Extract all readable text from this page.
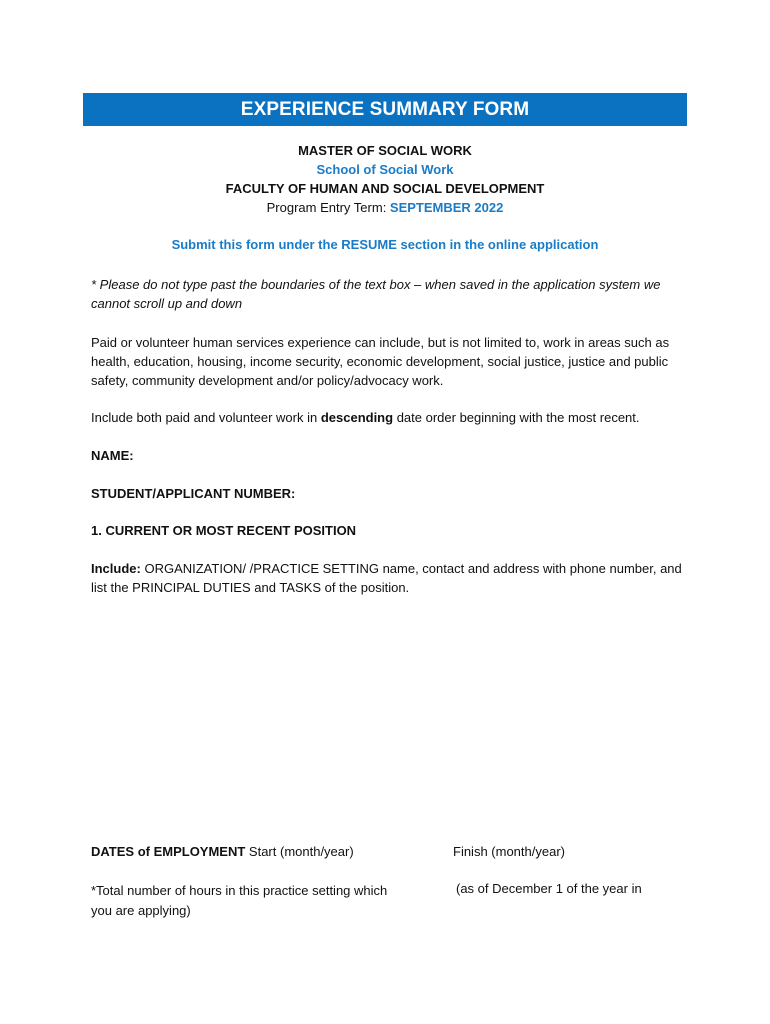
EXPERIENCE SUMMARY FORM
MASTER OF SOCIAL WORK
School of Social Work
FACULTY OF HUMAN AND SOCIAL DEVELOPMENT
Program Entry Term: SEPTEMBER 2022
Submit this form under the RESUME section in the online application
* Please do not type past the boundaries of the text box – when saved in the application system we cannot scroll up and down
Paid or volunteer human services experience can include, but is not limited to, work in areas such as health, education, housing, income security, economic development, social justice, justice and public safety, community development and/or policy/advocacy work.
Include both paid and volunteer work in descending date order beginning with the most recent.
NAME:
STUDENT/APPLICANT NUMBER:
1. CURRENT OR MOST RECENT POSITION
Include: ORGANIZATION/ /PRACTICE SETTING name, contact and address with phone number, and list the PRINCIPAL DUTIES and TASKS of the position.
DATES of EMPLOYMENT Start (month/year)	Finish (month/year)
*Total number of hours in this practice setting which you are applying)
(as of December 1 of the year in
